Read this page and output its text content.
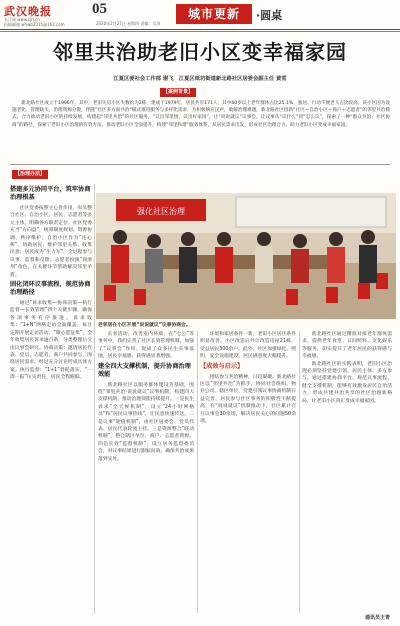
武汉晚报	05
长江网 www.cjn.cn
投稿邮箱 whwb2015@163.com	2020年2月27日 星期四 责编：吴涛
城市更新	·圆桌
邻里共治助老旧小区变幸福家园
江夏区委社会工作部 谢飞　江夏区纸坊街道新北路社区居委会副主任 黄雪
【案例背景】
新北路社区成立于1996年，其中，老旧失房小区失数约为2栋，建成于1979年，居民共有171人，其中60岁以上老年群体占比25.1%，独居、行动不便老人占比较高。该小区因为设施老化、管理缺失、治理资源分散，伴随“社区多方面共治”模式推进服务与多样化需求，为积极响应民声，破解治理难题，新北路社区创新“社区＋自治小区＋商户＋志愿者”的邻里共治模式，合力推动老旧小区的持续发展，构建起“邻里共治”的社区服务，“议出邻里情，议出好家园”，让“说说就议”议事会，让议事从“议什么”到“怎么议”，探索了一种“群众共治、社区协商”的路径，探索了老旧小区治理的有效方法，推动老旧小区全面提升，构建“邻里和谐”服务体系，从居民需求出发，形成社区治理合力，助力老旧小区变成幸福家园。
【治理办法】
搭建多元协同平台，筑牢协商治理根基

社区党委按照主心骨作用，牵头整合社区、自治小区、居民、志愿者等多元主体，明确各方职责定位。社区党委充当“方向盘”，统筹制度规划、资源协调、秩序维护；自治小区作为“连心桥”，协助居民、维护邻里关系、收集民意；居民成为“生力军”，全过程参与议事、监督和反馈；志愿者扮演“润滑剂”角色，在关键环节帮助解决邻里矛盾。

固化闭环议事流程，规范协商治理路径

通过“诉求收集—协商决策—执行监督—长效管理”四个关键步骤，确保各项事务有序推进。诉求收集：“1+N”网格走访全面覆盖，每月定期开展走访活动、“微心愿征集”，全年收集居民诉求逾百条，分类整理后交由议事会研究。协商决策：邀请居民代表、党员、志愿者、商户共同参与，围绕居民需求，经过充分讨论形成具体方案。执行监督：“1+1”督促落实，“一周一报”压实责任，居民全程跟踪。

强化社区治理
老邻居在小区开展“说说就议”议事协商会。

长者活动，改善室内环境，在“七公”等事务中，我们完善了社区长效管理机制，加强了“议事会”作用，促成了众多民生实事落地，居民幸福感、获得感显著增强。

建全四大支撑机制，提升协商治理效能

新北路社区以服务群体建设为基础，围绕“邻里共治·说说就议”议事机制，构建四大支撑机制，推动治理效能持续提升。一是民生诉求“全天候机制”，设立“24小时网格员”和“居民议事热线”，让民意快速传达。二是议事“轮值机制”，由社区居委会、党员代表、居民代表轮流主持。三是资源整合“联动机制”，整合辖区单位、商户、志愿者资源。四是长效“监督机制”，设立居务监督委员会，对议事结果进行跟踪问效，确保共治成果落到实处。

环境和家居条件一新，老旧小区居住条件明显改善。小区改造后共计改造房屋21栋，受益居民300余户。此外，社区加强绿化、照明、安全设施建设，居民满意度大幅提升。

【成效与启示】

团结参与共治精神，日趋凝聚。新北路社区以“邻里共治”为抓手，协同社会组织、物业公司、辖区单位，党建引领议事协商机制日益完善，居民参与社区事务的积极性不断提高。在“说说就议”机制推动下，社区累计召开议事会30余场，解决居民关心的问题50余项。

新北路社区通过精准对接老年群体需求，提供老年食堂、日间照料、文化娱乐等服务，切实提升了老年居民的获得感与幸福感。

新北路社区的实践表明，老旧小区治理必须坚持党建引领、居民主体、多方参与。通过搭建协商平台、规范议事流程、健全支撑机制，能够有效激发居民自治活力，形成共建共治共享的社区治理新格局，让老旧小区真正变成幸福家园。

通讯员王青
